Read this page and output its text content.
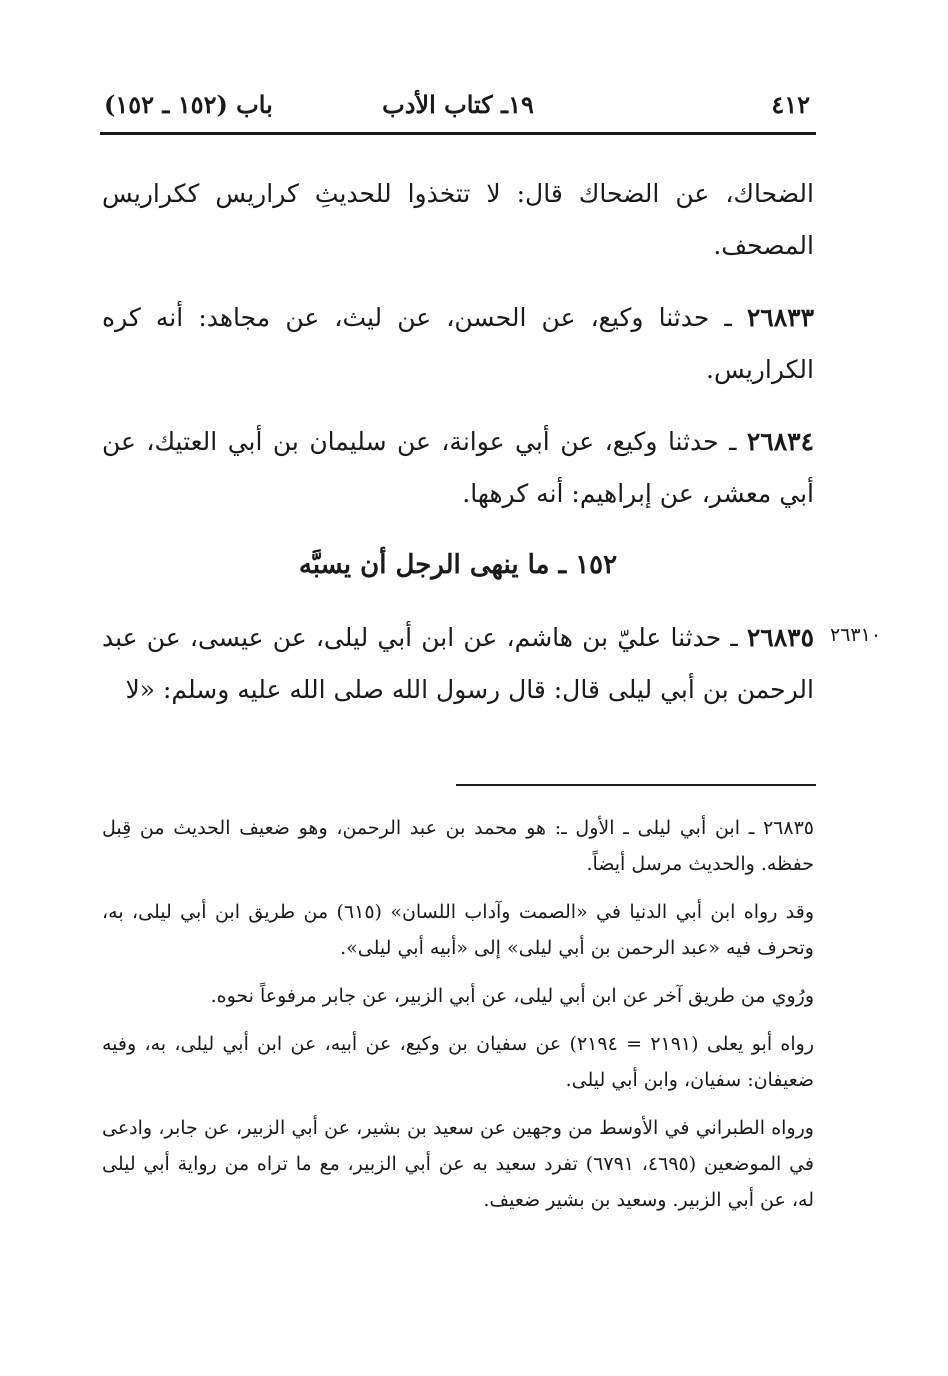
٤١٢
١٩ـ كتاب الأدب
باب (١٥٢ ـ ١٥٢)

الضحاك، عن الضحاك قال: لا تتخذوا للحديثِ كراريس ككراريس المصحف.

٢٦٨٣٣ ـ حدثنا وكيع، عن الحسن، عن ليث، عن مجاهد: أنه كره الكراريس.

٢٦٨٣٤ ـ حدثنا وكيع، عن أبي عوانة، عن سليمان بن أبي العتيك، عن أبي معشر، عن إبراهيم: أنه كرهها.

١٥٢ ـ ما ينهى الرجل أن يسبَّه

٢٦٨٣٥ ـ حدثنا عليّ بن هاشم، عن ابن أبي ليلى، عن عيسى، عن عبد الرحمن بن أبي ليلى قال: قال رسول الله صلى الله عليه وسلم: «لا

٢٦٣١٠

٢٦٨٣٥ ـ ابن أبي ليلى ـ الأول ـ: هو محمد بن عبد الرحمن، وهو ضعيف الحديث من قِبل حفظه. والحديث مرسل أيضاً.

وقد رواه ابن أبي الدنيا في «الصمت وآداب اللسان» (٦١٥) من طريق ابن أبي ليلى، به، وتحرف فيه «عبد الرحمن بن أبي ليلى» إلى «أبيه أبي ليلى».

ورُوي من طريق آخر عن ابن أبي ليلى، عن أبي الزبير، عن جابر مرفوعاً نحوه.

رواه أبو يعلى (٢١٩١ = ٢١٩٤) عن سفيان بن وكيع، عن أبيه، عن ابن أبي ليلى، به، وفيه ضعيفان: سفيان، وابن أبي ليلى.

ورواه الطبراني في الأوسط من وجهين عن سعيد بن بشير، عن أبي الزبير، عن جابر، وادعى في الموضعين (٤٦٩٥، ٦٧٩١) تفرد سعيد به عن أبي الزبير، مع ما تراه من رواية أبي ليلى له، عن أبي الزبير. وسعيد بن بشير ضعيف.
